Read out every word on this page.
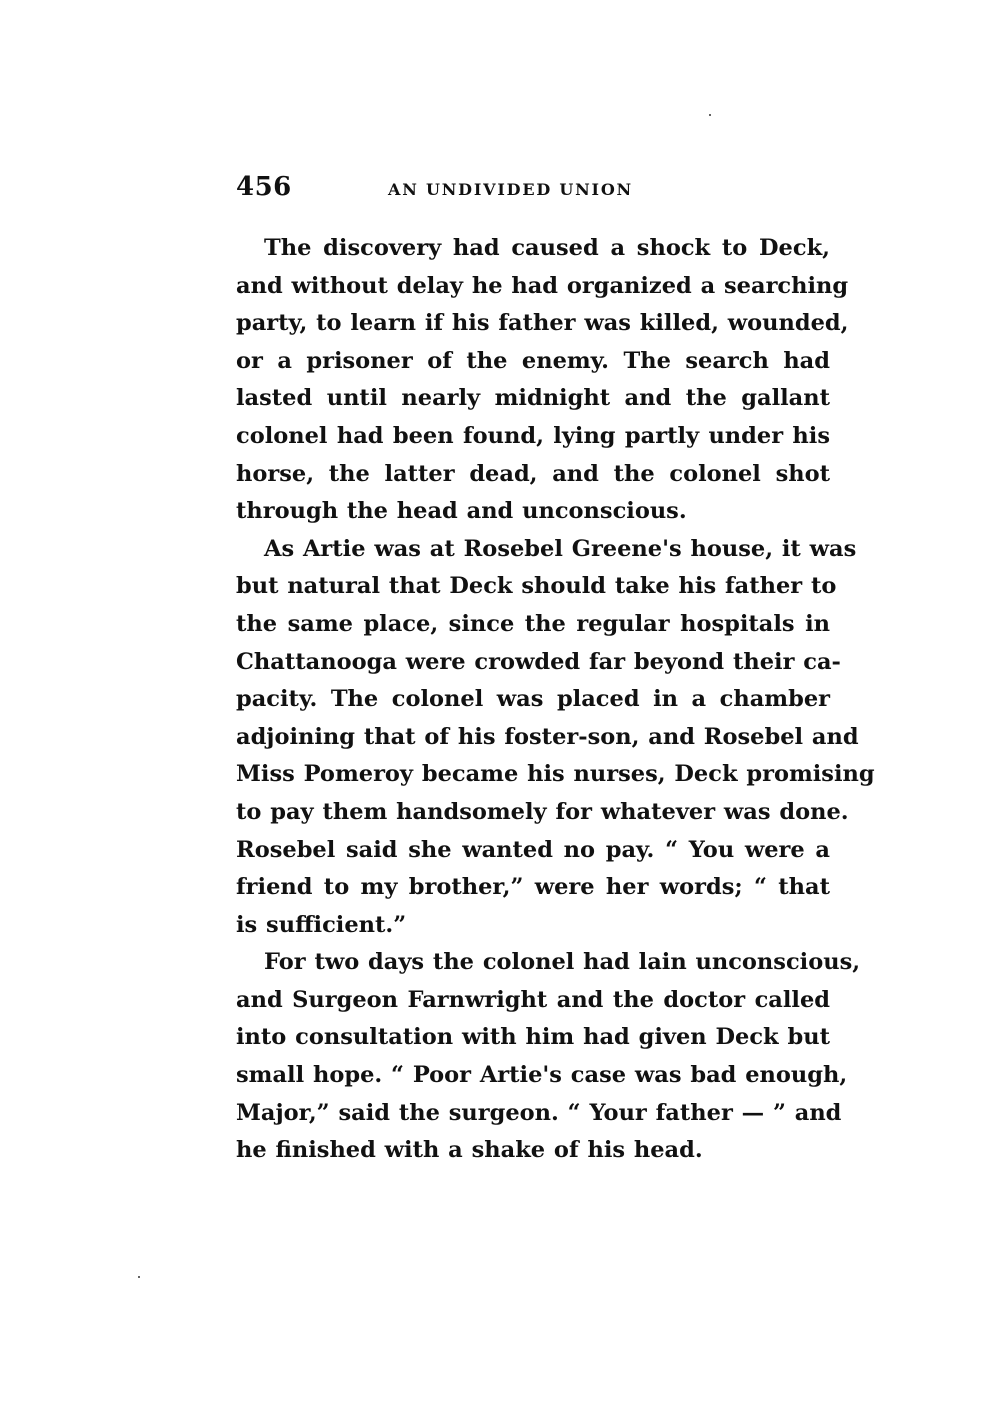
456	AN UNDIVIDED UNION
The discovery had caused a shock to Deck,
and without delay he had organized a searching
party, to learn if his father was killed, wounded,
or a prisoner of the enemy. The search had
lasted until nearly midnight and the gallant
colonel had been found, lying partly under his
horse, the latter dead, and the colonel shot
through the head and unconscious.
As Artie was at Rosebel Greene's house, it was
but natural that Deck should take his father to
the same place, since the regular hospitals in
Chattanooga were crowded far beyond their ca-
pacity. The colonel was placed in a chamber
adjoining that of his foster-son, and Rosebel and
Miss Pomeroy became his nurses, Deck promising
to pay them handsomely for whatever was done.
Rosebel said she wanted no pay. “ You were a
friend to my brother,” were her words; “ that
is sufficient.”
For two days the colonel had lain unconscious,
and Surgeon Farnwright and the doctor called
into consultation with him had given Deck but
small hope. “ Poor Artie's case was bad enough,
Major,” said the surgeon. “ Your father — ” and
he finished with a shake of his head.
